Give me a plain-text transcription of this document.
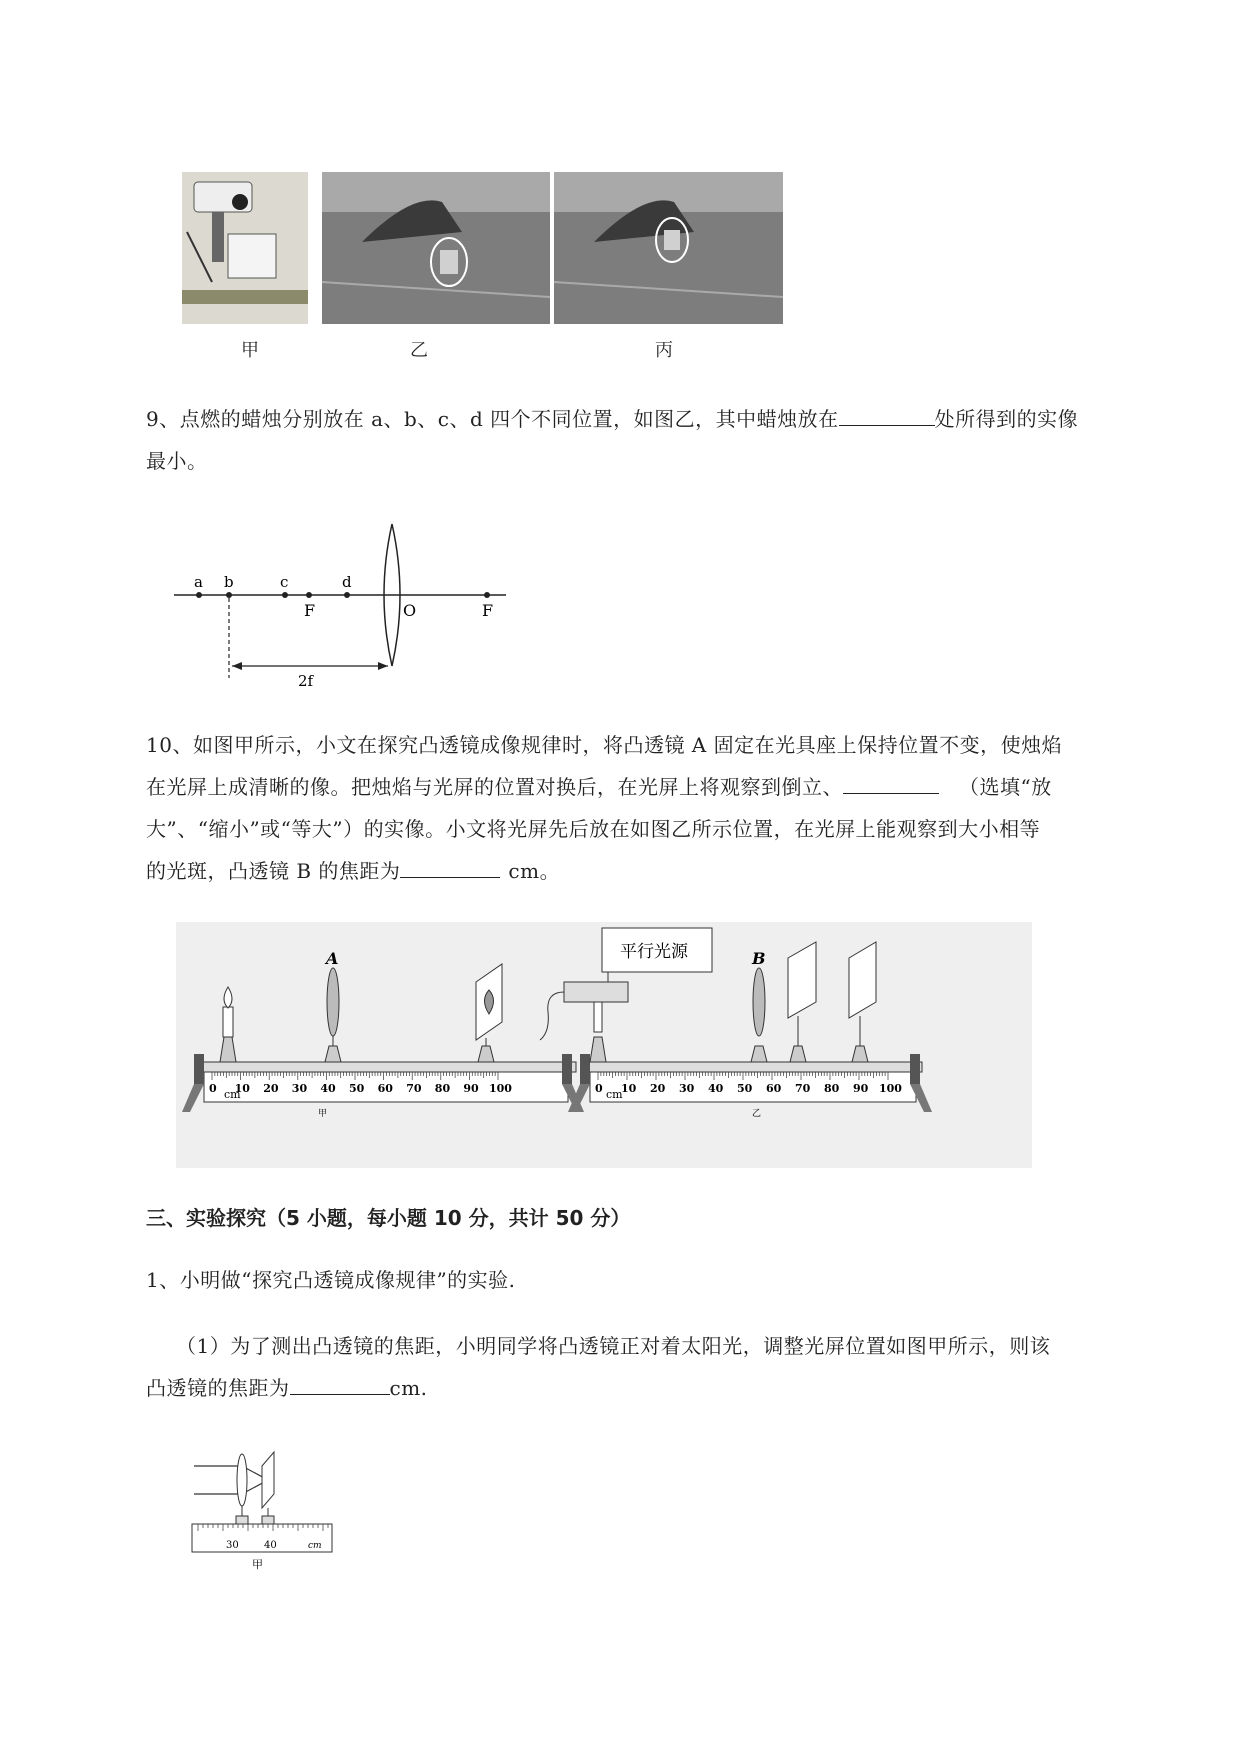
甲	乙	丙
9、点燃的蜡烛分别放在 a、b、c、d 四个不同位置，如图乙，其中蜡烛放在	处所得到的实像
最小。
a b	c	d
F	O	F
2f
10、如图甲所示，小文在探究凸透镜成像规律时，将凸透镜 A 固定在光具座上保持位置不变，使烛焰
在光屏上成清晰的像。把烛焰与光屏的位置对换后，在光屏上将观察到倒立、	（选填“放
大”、“缩小”或“等大”）的实像。小文将光屏先后放在如图乙所示位置，在光屏上能观察到大小相等
的光斑，凸透镜 B 的焦距为	cm。
0 10 20 30 40 50 60 70 80 90 100
A
cm	0 10 20 30 40 50 60 70 80 90 100
平行光源	B
cm
甲	乙
三、实验探究（5 小题，每小题 10 分，共计 50 分）
1、小明做“探究凸透镜成像规律”的实验.
（1）为了测出凸透镜的焦距，小明同学将凸透镜正对着太阳光，调整光屏位置如图甲所示，则该
凸透镜的焦距为	cm.
30	40	cm
甲
